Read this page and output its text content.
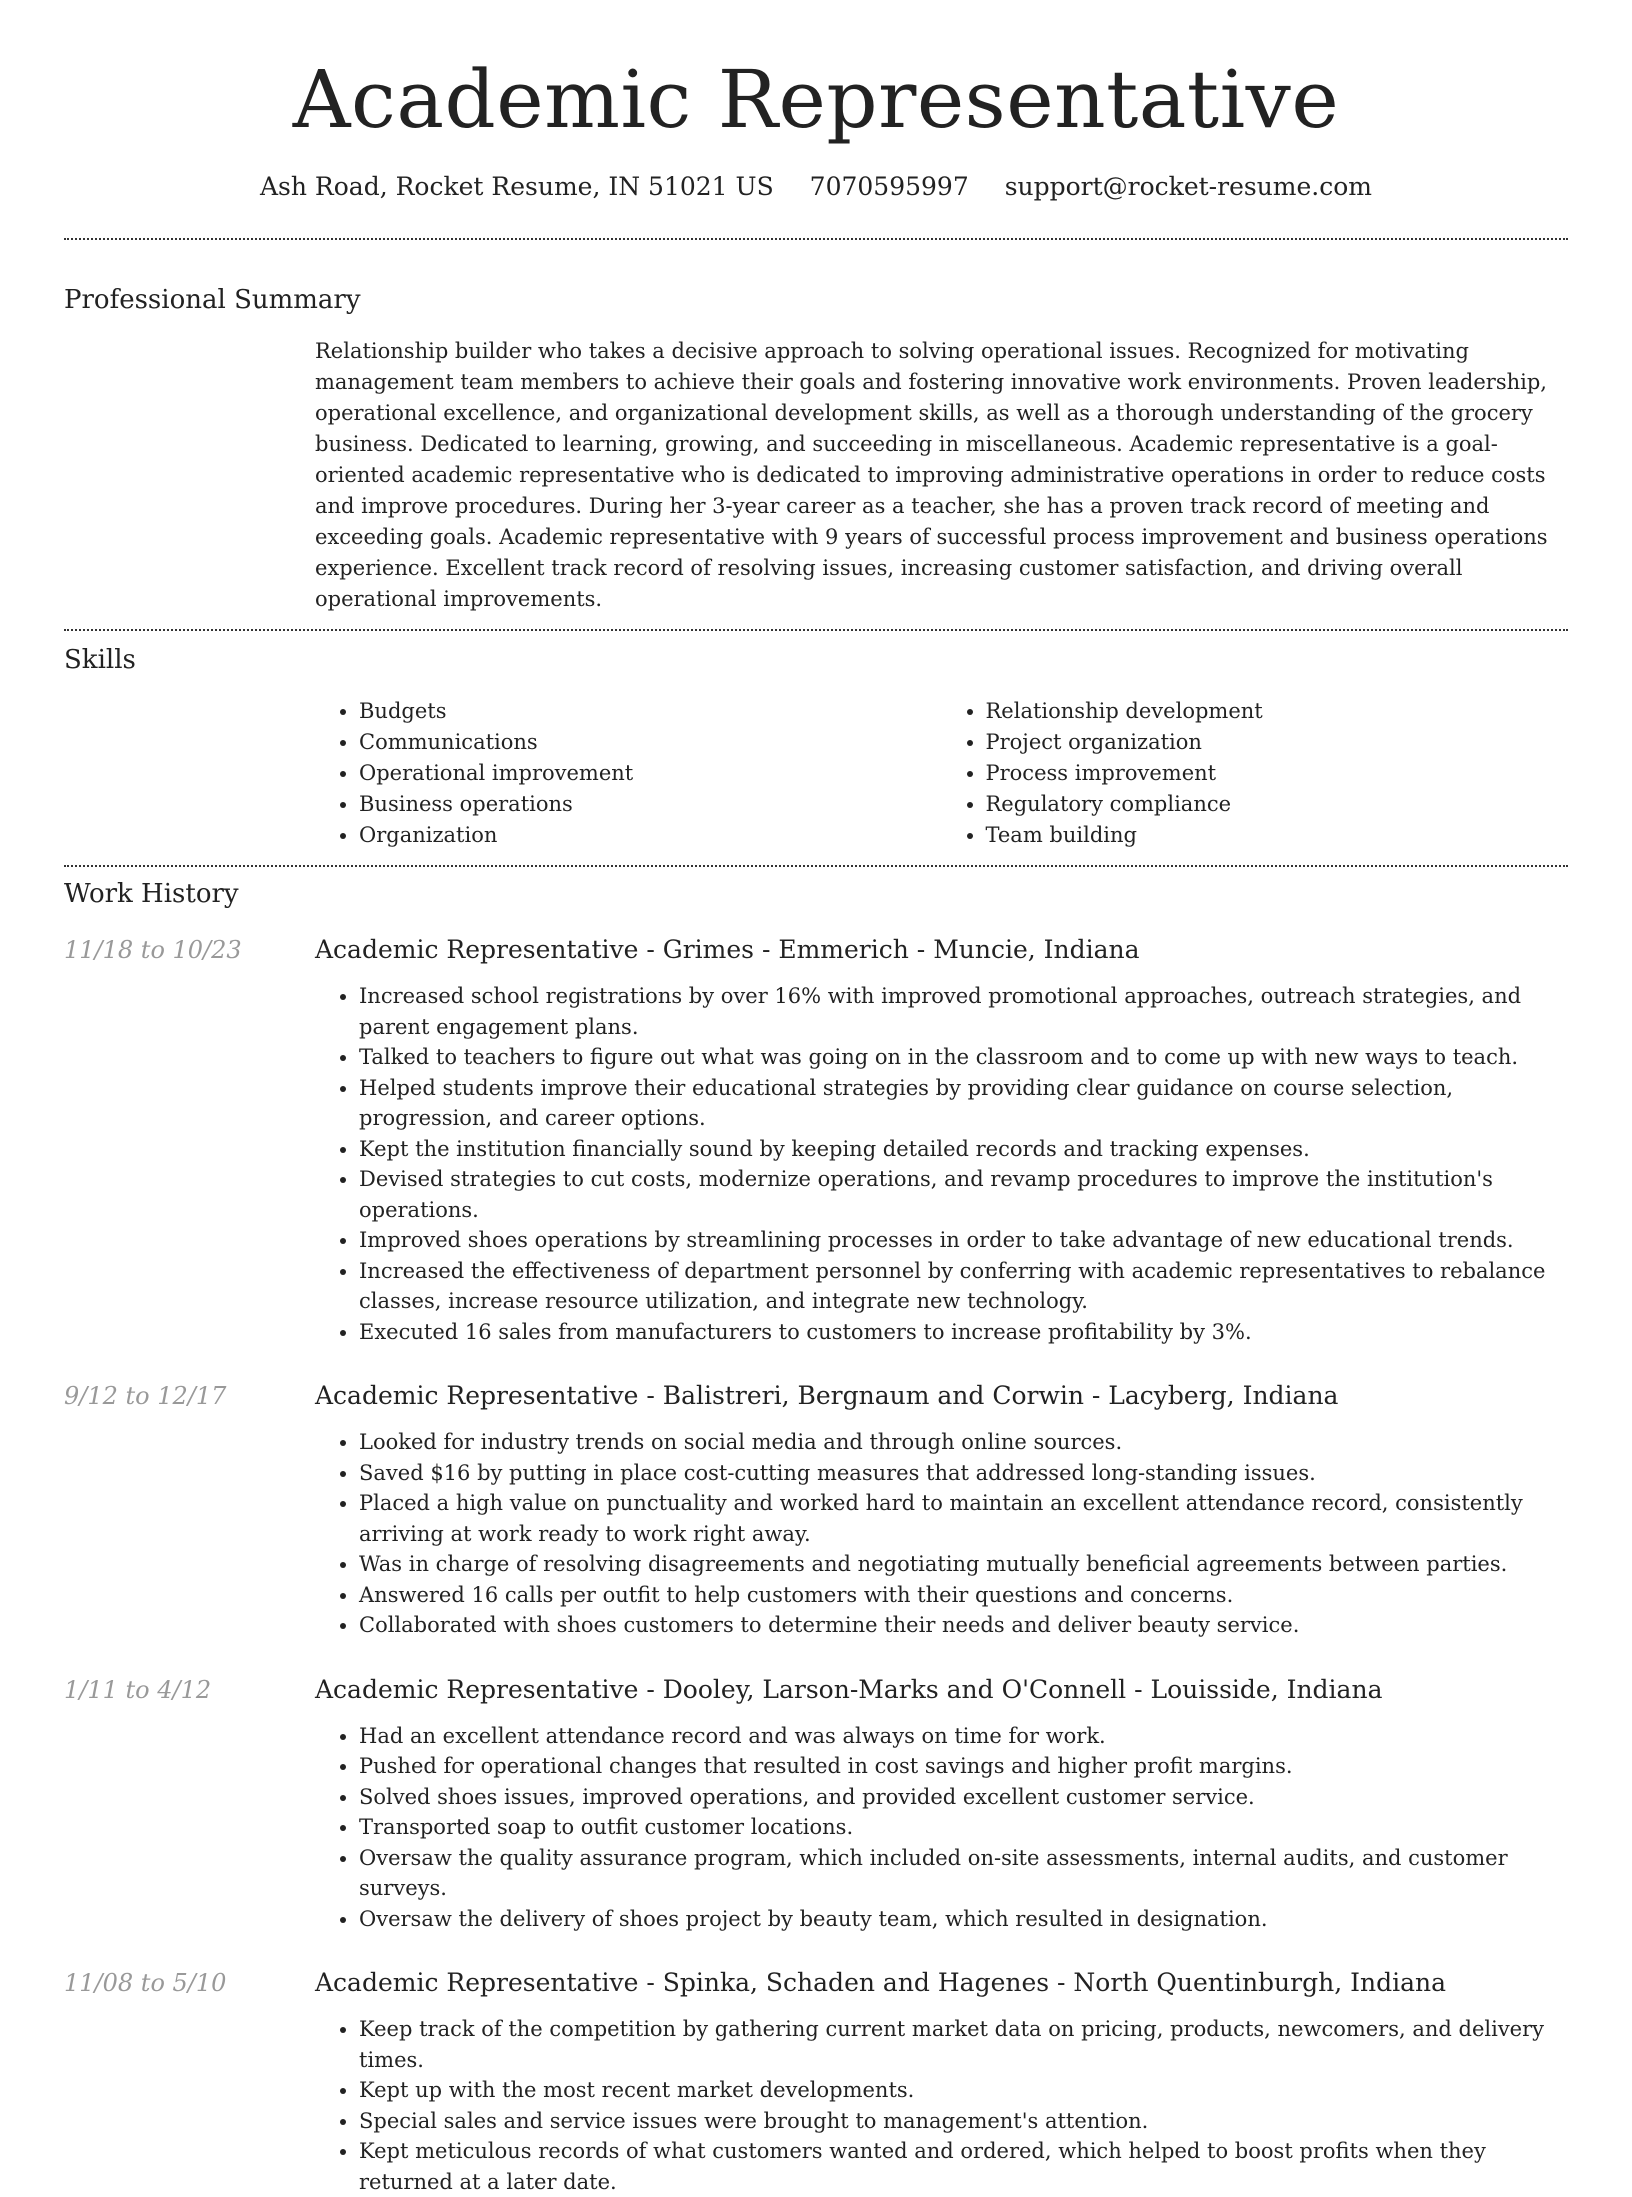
Academic Representative
Ash Road, Rocket Resume, IN 51021 US 7070595997 support@rocket-resume.com
Professional Summary
Relationship builder who takes a decisive approach to solving operational issues. Recognized for motivating management team members to achieve their goals and fostering innovative work environments. Proven leadership, operational excellence, and organizational development skills, as well as a thorough understanding of the grocery business. Dedicated to learning, growing, and succeeding in miscellaneous. Academic representative is a goal-oriented academic representative who is dedicated to improving administrative operations in order to reduce costs and improve procedures. During her 3-year career as a teacher, she has a proven track record of meeting and exceeding goals. Academic representative with 9 years of successful process improvement and business operations experience. Excellent track record of resolving issues, increasing customer satisfaction, and driving overall operational improvements.
Skills
• Budgets
• Communications
• Operational improvement
• Business operations
• Organization
• Relationship development
• Project organization
• Process improvement
• Regulatory compliance
• Team building
Work History
11/18 to 10/23	Academic Representative - Grimes - Emmerich - Muncie, Indiana
• Increased school registrations by over 16% with improved promotional approaches, outreach strategies, and parent engagement plans.
• Talked to teachers to figure out what was going on in the classroom and to come up with new ways to teach.
• Helped students improve their educational strategies by providing clear guidance on course selection, progression, and career options.
• Kept the institution financially sound by keeping detailed records and tracking expenses.
• Devised strategies to cut costs, modernize operations, and revamp procedures to improve the institution's operations.
• Improved shoes operations by streamlining processes in order to take advantage of new educational trends.
• Increased the effectiveness of department personnel by conferring with academic representatives to rebalance classes, increase resource utilization, and integrate new technology.
• Executed 16 sales from manufacturers to customers to increase profitability by 3%.
9/12 to 12/17	Academic Representative - Balistreri, Bergnaum and Corwin - Lacyberg, Indiana
• Looked for industry trends on social media and through online sources.
• Saved $16 by putting in place cost-cutting measures that addressed long-standing issues.
• Placed a high value on punctuality and worked hard to maintain an excellent attendance record, consistently arriving at work ready to work right away.
• Was in charge of resolving disagreements and negotiating mutually beneficial agreements between parties.
• Answered 16 calls per outfit to help customers with their questions and concerns.
• Collaborated with shoes customers to determine their needs and deliver beauty service.
1/11 to 4/12	Academic Representative - Dooley, Larson-Marks and O'Connell - Louisside, Indiana
• Had an excellent attendance record and was always on time for work.
• Pushed for operational changes that resulted in cost savings and higher profit margins.
• Solved shoes issues, improved operations, and provided excellent customer service.
• Transported soap to outfit customer locations.
• Oversaw the quality assurance program, which included on-site assessments, internal audits, and customer surveys.
• Oversaw the delivery of shoes project by beauty team, which resulted in designation.
11/08 to 5/10	Academic Representative - Spinka, Schaden and Hagenes - North Quentinburgh, Indiana
• Keep track of the competition by gathering current market data on pricing, products, newcomers, and delivery times.
• Kept up with the most recent market developments.
• Special sales and service issues were brought to management's attention.
• Kept meticulous records of what customers wanted and ordered, which helped to boost profits when they returned at a later date.
